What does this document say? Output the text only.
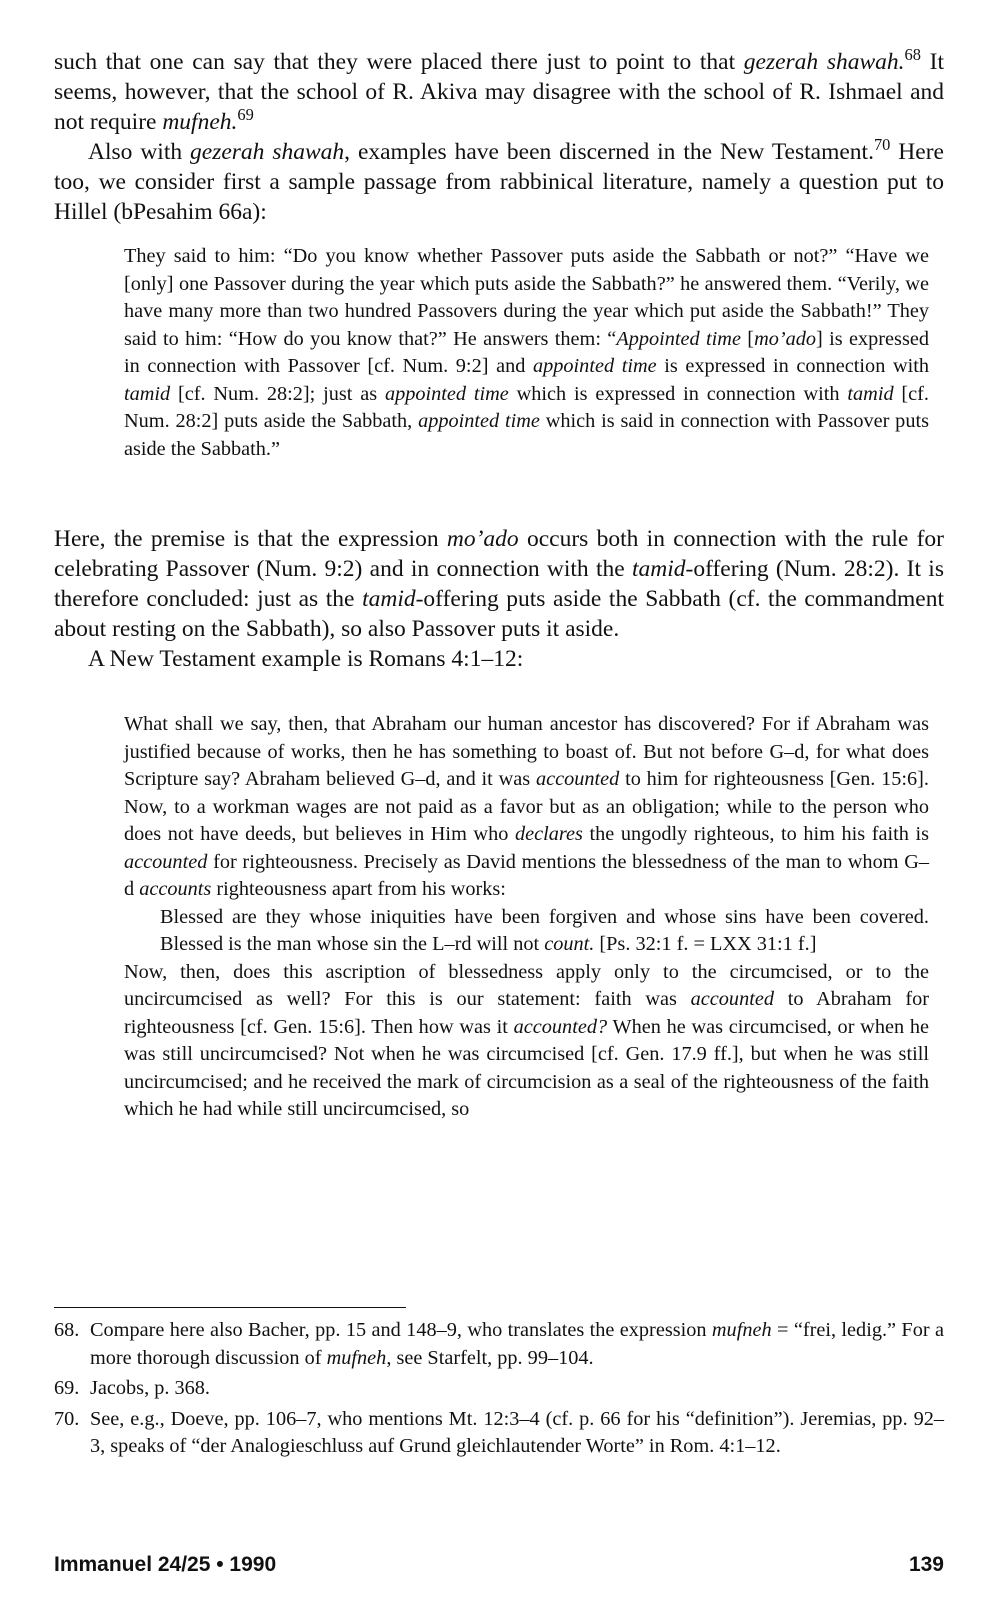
such that one can say that they were placed there just to point to that gezerah shawah.$^{68}$ It seems, however, that the school of R. Akiva may disagree with the school of R. Ishmael and not require mufneh.$^{69}$

Also with gezerah shawah, examples have been discerned in the New Testament.$^{70}$ Here too, we consider first a sample passage from rabbinical literature, namely a question put to Hillel (bPesahim 66a):

They said to him: “Do you know whether Passover puts aside the Sabbath or not?” “Have we [only] one Passover during the year which puts aside the Sabbath?” he answered them. “Verily, we have many more than two hundred Passovers during the year which put aside the Sabbath!” They said to him: “How do you know that?” He answers them: “Appointed time [mo’ado] is expressed in connection with Passover [cf. Num. 9:2] and appointed time is expressed in connection with tamid [cf. Num. 28:2]; just as appointed time which is expressed in connection with tamid [cf. Num. 28:2] puts aside the Sabbath, appointed time which is said in connection with Passover puts aside the Sabbath.”

Here, the premise is that the expression mo’ado occurs both in connection with the rule for celebrating Passover (Num. 9:2) and in connection with the tamid-offering (Num. 28:2). It is therefore concluded: just as the tamid-offering puts aside the Sabbath (cf. the commandment about resting on the Sabbath), so also Passover puts it aside.

A New Testament example is Romans 4:1–12:

What shall we say, then, that Abraham our human ancestor has discovered? For if Abraham was justified because of works, then he has something to boast of. But not before G–d, for what does Scripture say? Abraham believed G–d, and it was accounted to him for righteousness [Gen. 15:6]. Now, to a workman wages are not paid as a favor but as an obligation; while to the person who does not have deeds, but believes in Him who declares the ungodly righteous, to him his faith is accounted for righteousness. Precisely as David mentions the blessedness of the man to whom G–d accounts righteousness apart from his works:

Blessed are they whose iniquities have been forgiven and whose sins have been covered. Blessed is the man whose sin the L–rd will not count. [Ps. 32:1 f. = LXX 31:1 f.]

Now, then, does this ascription of blessedness apply only to the circumcised, or to the uncircumcised as well? For this is our statement: faith was accounted to Abraham for righteousness [cf. Gen. 15:6]. Then how was it accounted? When he was circumcised, or when he was still uncircumcised? Not when he was circumcised [cf. Gen. 17.9 ff.], but when he was still uncircumcised; and he received the mark of circumcision as a seal of the righteousness of the faith which he had while still uncircumcised, so

68. Compare here also Bacher, pp. 15 and 148–9, who translates the expression mufneh = “frei, ledig.” For a more thorough discussion of mufneh, see Starfelt, pp. 99–104.
69. Jacobs, p. 368.
70. See, e.g., Doeve, pp. 106–7, who mentions Mt. 12:3–4 (cf. p. 66 for his “definition”). Jeremias, pp. 92–3, speaks of “der Analogieschluss auf Grund gleichlautender Worte” in Rom. 4:1–12.
Immanuel 24/25 • 1990	139
